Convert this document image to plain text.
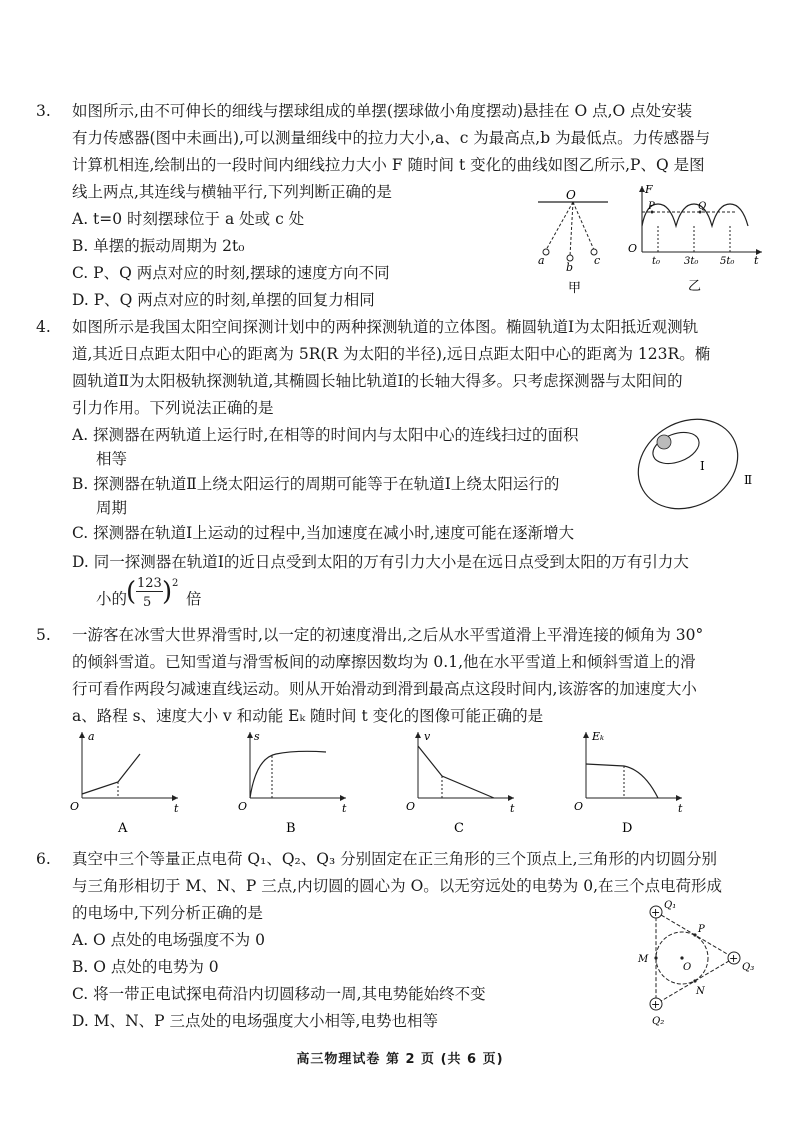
3. 如图所示,由不可伸长的细线与摆球组成的单摆(摆球做小角度摆动)悬挂在 O 点,O 点处安装
有力传感器(图中未画出),可以测量细线中的拉力大小,a、c 为最高点,b 为最低点。力传感器与
计算机相连,绘制出的一段时间内细线拉力大小 F 随时间 t 变化的曲线如图乙所示,P、Q 是图
线上两点,其连线与横轴平行,下列判断正确的是
A. t=0 时刻摆球位于 a 处或 c 处
B. 单摆的振动周期为 2t₀
C. P、Q 两点对应的时刻,摆球的速度方向不同
D. P、Q 两点对应的时刻,单摆的回复力相同
O
a
b
c
甲
F
O
t
P	Q
t₀ 3t₀ 5t₀
乙
4. 如图所示是我国太阳空间探测计划中的两种探测轨道的立体图。椭圆轨道Ⅰ为太阳抵近观测轨
道,其近日点距太阳中心的距离为 5R(R 为太阳的半径),远日点距太阳中心的距离为 123R。椭
圆轨道Ⅱ为太阳极轨探测轨道,其椭圆长轴比轨道Ⅰ的长轴大得多。只考虑探测器与太阳间的
引力作用。下列说法正确的是
A. 探测器在两轨道上运行时,在相等的时间内与太阳中心的连线扫过的面积
相等
B. 探测器在轨道Ⅱ上绕太阳运行的周期可能等于在轨道Ⅰ上绕太阳运行的
周期
C. 探测器在轨道Ⅰ上运动的过程中,当加速度在减小时,速度可能在逐渐增大
D. 同一探测器在轨道Ⅰ的近日点受到太阳的万有引力大小是在远日点受到太阳的万有引力大
小的
( 123
5 ) 2
倍
Ⅰ
Ⅱ
5. 一游客在冰雪大世界滑雪时,以一定的初速度滑出,之后从水平雪道滑上平滑连接的倾角为 30°
的倾斜雪道。已知雪道与滑雪板间的动摩擦因数均为 0.1,他在水平雪道上和倾斜雪道上的滑
行可看作两段匀减速直线运动。则从开始滑动到滑到最高点这段时间内,该游客的加速度大小
a、路程 s、速度大小 v 和动能 Eₖ 随时间 t 变化的图像可能正确的是
a
O	t
A
s
O	t
B
v
O	t
C
Eₖ
O	t
D
6. 真空中三个等量正点电荷 Q₁、Q₂、Q₃ 分别固定在正三角形的三个顶点上,三角形的内切圆分别
与三角形相切于 M、N、P 三点,内切圆的圆心为 O。以无穷远处的电势为 0,在三个点电荷形成
的电场中,下列分析正确的是
A. O 点处的电场强度不为 0
B. O 点处的电势为 0
C. 将一带正电试探电荷沿内切圆移动一周,其电势能始终不变
D. M、N、P 三点处的电场强度大小相等,电势也相等
+
+
+
Q₁
Q₃
Q₂
P
M
N
O
高三物理试卷 第 2 页 (共 6 页)
